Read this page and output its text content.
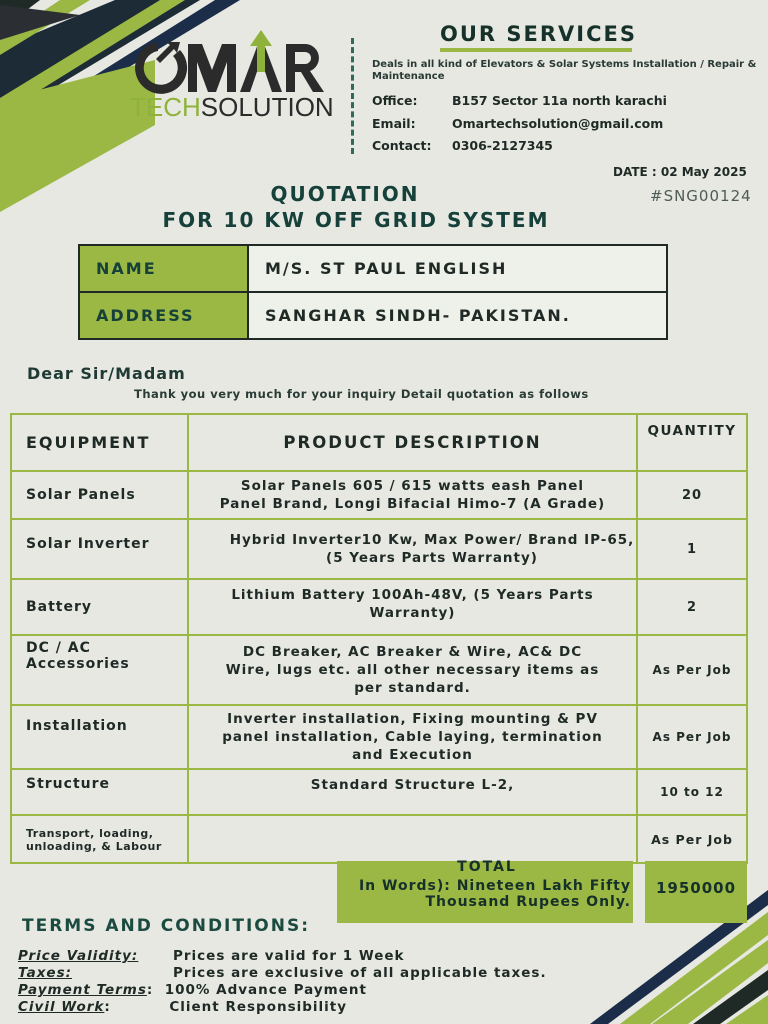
TECHSOLUTION
OUR SERVICES
Deals in all kind of Elevators & Solar Systems Installation / Repair & Maintenance
Office:	B157 Sector 11a north karachi
Email:	Omartechsolution@gmail.com
Contact: 0306-2127345
DATE : 02 May 2025
#SNG00124
QUOTATION
FOR 10 KW OFF GRID SYSTEM
NAME	M/S. ST PAUL ENGLISH
ADDRESS	SANGHAR SINDH- PAKISTAN.
Dear Sir/Madam
Thank you very much for your inquiry Detail quotation as follows
EQUIPMENT	PRODUCT DESCRIPTION	QUANTITY
Solar Panels	Solar Panels 605 / 615 watts eash Panel
Panel Brand, Longi Bifacial Himo-7 (A Grade)	20
Solar Inverter	Hybrid Inverter10 Kw, Max Power/ Brand IP-65,
(5 Years Parts Warranty)	1
Battery	Lithium Battery 100Ah-48V, (5 Years Parts
Warranty)	2
DC / AC Accessories	DC Breaker, AC Breaker & Wire, AC& DC
Wire, lugs etc. all other necessary items as
per standard.	As Per Job
Installation	Inverter installation, Fixing mounting & PV
panel installation, Cable laying, termination
and Execution	As Per Job
Structure	Standard Structure L-2,	10 to 12
Transport, loading, unloading, & Labour		As Per Job
TOTAL
In Words): Nineteen Lakh Fifty
Thousand Rupees Only.
1950000
TERMS AND CONDITIONS:
Price Validity:	Prices are valid for 1 Week
Taxes:	Prices are exclusive of all applicable taxes.
Payment Terms:  100% Advance Payment
Civil Work:	Client Responsibility
